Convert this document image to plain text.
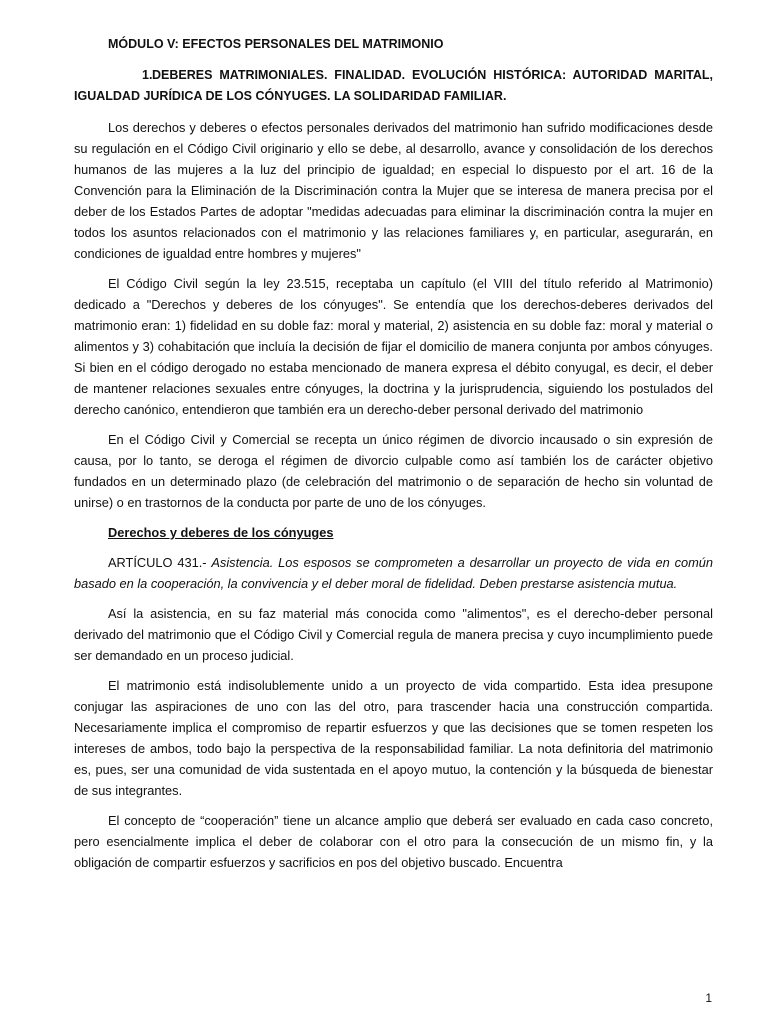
MÓDULO V: EFECTOS PERSONALES DEL MATRIMONIO
1.DEBERES MATRIMONIALES. FINALIDAD. EVOLUCIÓN HISTÓRICA: AUTORIDAD MARITAL, IGUALDAD JURÍDICA DE LOS CÓNYUGES. LA SOLIDARIDAD FAMILIAR.

Los derechos y deberes o efectos personales derivados del matrimonio han sufrido modificaciones desde su regulación en el Código Civil originario y ello se debe, al desarrollo, avance y consolidación de los derechos humanos de las mujeres a la luz del principio de igualdad; en especial lo dispuesto por el art. 16 de la Convención para la Eliminación de la Discriminación contra la Mujer que se interesa de manera precisa por el deber de los Estados Partes de adoptar "medidas adecuadas para eliminar la discriminación contra la mujer en todos los asuntos relacionados con el matrimonio y las relaciones familiares y, en particular, asegurarán, en condiciones de igualdad entre hombres y mujeres"

El Código Civil según la ley 23.515, receptaba un capítulo (el VIII del título referido al Matrimonio) dedicado a "Derechos y deberes de los cónyuges". Se entendía que los derechos-deberes derivados del matrimonio eran: 1) fidelidad en su doble faz: moral y material, 2) asistencia en su doble faz: moral y material o alimentos y 3) cohabitación que incluía la decisión de fijar el domicilio de manera conjunta por ambos cónyuges. Si bien en el código derogado no estaba mencionado de manera expresa el débito conyugal, es decir, el deber de mantener relaciones sexuales entre cónyuges, la doctrina y la jurisprudencia, siguiendo los postulados del derecho canónico, entendieron que también era un derecho-deber personal derivado del matrimonio

En el Código Civil y Comercial se recepta un único régimen de divorcio incausado o sin expresión de causa, por lo tanto, se deroga el régimen de divorcio culpable como así también los de carácter objetivo fundados en un determinado plazo (de celebración del matrimonio o de separación de hecho sin voluntad de unirse) o en trastornos de la conducta por parte de uno de los cónyuges.

Derechos y deberes de los cónyuges

ARTÍCULO 431.- Asistencia. Los esposos se comprometen a desarrollar un proyecto de vida en común basado en la cooperación, la convivencia y el deber moral de fidelidad. Deben prestarse asistencia mutua.

Así la asistencia, en su faz material más conocida como "alimentos", es el derecho-deber personal derivado del matrimonio que el Código Civil y Comercial regula de manera precisa y cuyo incumplimiento puede ser demandado en un proceso judicial.

El matrimonio está indisolublemente unido a un proyecto de vida compartido. Esta idea presupone conjugar las aspiraciones de uno con las del otro, para trascender hacia una construcción compartida. Necesariamente implica el compromiso de repartir esfuerzos y que las decisiones que se tomen respeten los intereses de ambos, todo bajo la perspectiva de la responsabilidad familiar. La nota definitoria del matrimonio es, pues, ser una comunidad de vida sustentada en el apoyo mutuo, la contención y la búsqueda de bienestar de sus integrantes.

El concepto de “cooperación” tiene un alcance amplio que deberá ser evaluado en cada caso concreto, pero esencialmente implica el deber de colaborar con el otro para la consecución de un mismo fin, y la obligación de compartir esfuerzos y sacrificios en pos del objetivo buscado. Encuentra

1
